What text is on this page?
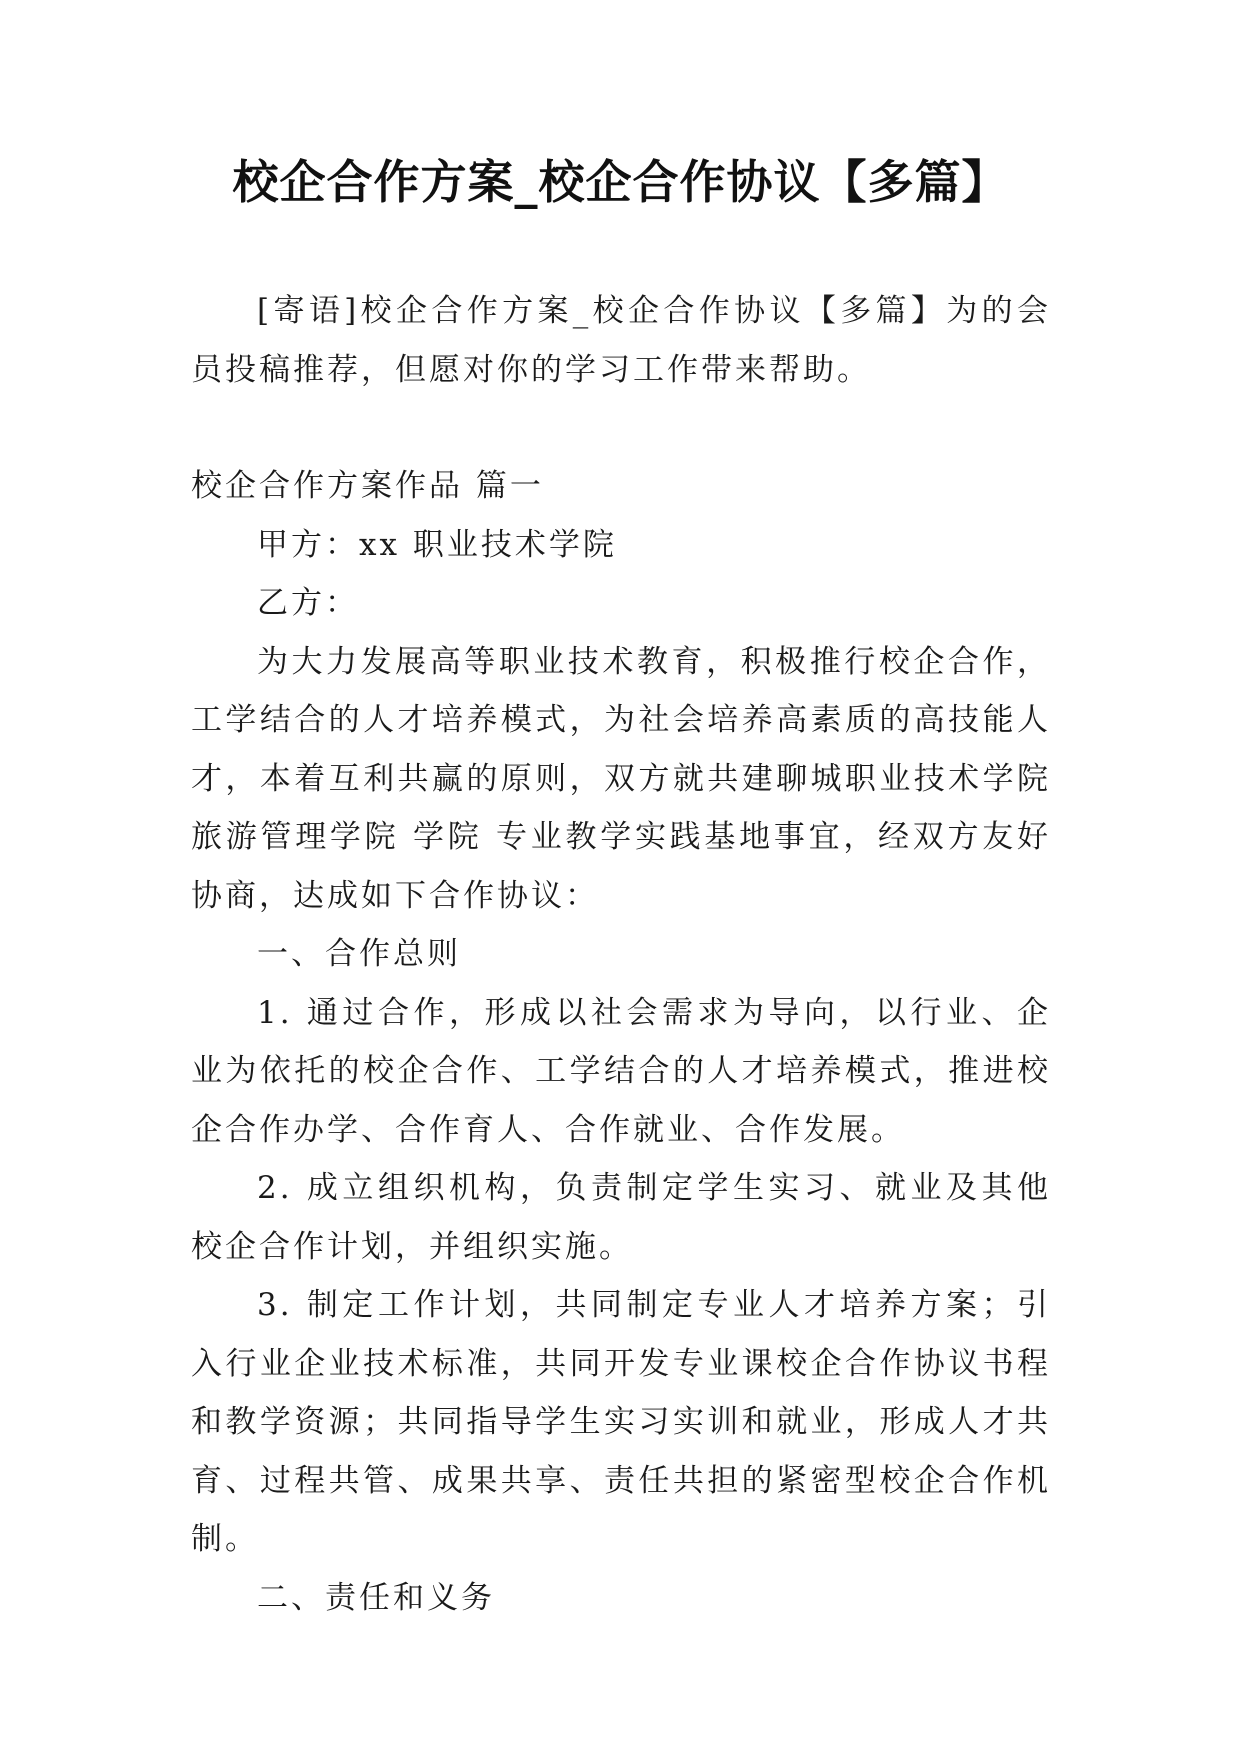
校企合作方案_校企合作协议【多篇】

[寄语]校企合作方案_校企合作协议【多篇】为的会员投稿推荐，但愿对你的学习工作带来帮助。

校企合作方案作品 篇一

甲方：xx 职业技术学院

乙方：

为大力发展高等职业技术教育，积极推行校企合作，工学结合的人才培养模式，为社会培养高素质的高技能人才，本着互利共赢的原则，双方就共建聊城职业技术学院 旅游管理学院 学院 专业教学实践基地事宜，经双方友好协商，达成如下合作协议：

一、合作总则

1. 通过合作，形成以社会需求为导向，以行业、企业为依托的校企合作、工学结合的人才培养模式，推进校企合作办学、合作育人、合作就业、合作发展。

2. 成立组织机构，负责制定学生实习、就业及其他校企合作计划，并组织实施。

3. 制定工作计划，共同制定专业人才培养方案；引入行业企业技术标准，共同开发专业课校企合作协议书程和教学资源；共同指导学生实习实训和就业，形成人才共育、过程共管、成果共享、责任共担的紧密型校企合作机制。

二、责任和义务
